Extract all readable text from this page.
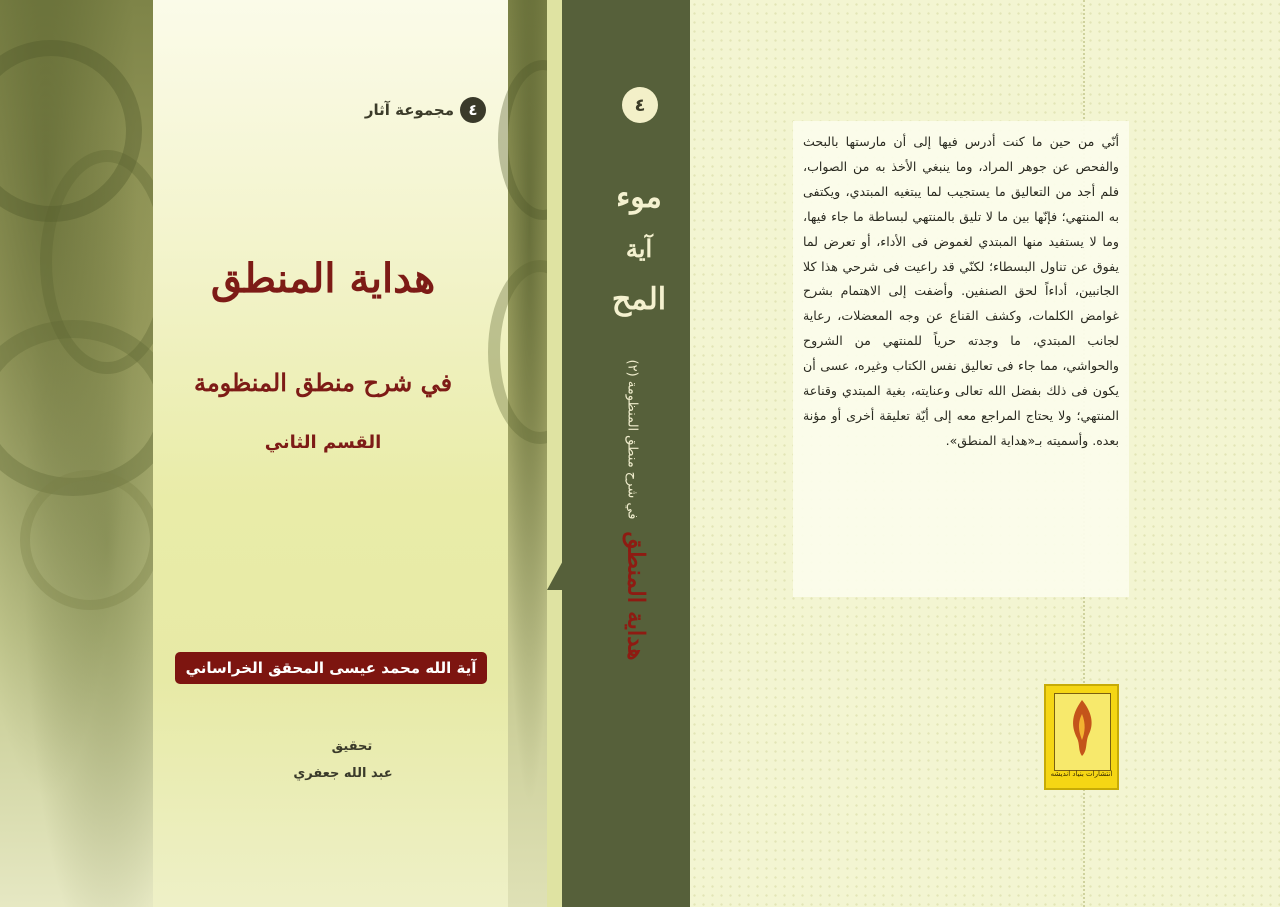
٤
مجموعة آثار
هداية المنطق
في شرح منطق المنظومة
القسم الثاني
آية الله محمد عيسى المحقق الخراساني
تحقيق
عبد الله جعفري
٤
موء
آية
المح
هداية المنطق
في شرح منطق المنظومة (٢)
أنّي من حين ما كنت أدرس فيها إلى أن مارستها بالبحث والفحص عن جوهر المراد، وما ينبغي الأخذ به من الصواب، فلم أجد من التعاليق ما يستجيب لما يبتغيه المبتدي، ويكتفى به المنتهي؛ فإنّها بين ما لا تليق بالمنتهي لبساطة ما جاء فيها، وما لا يستفيد منها المبتدي لغموض فى الأداء، أو تعرض لما يفوق عن تناول البسطاء؛ لكنّي قد راعيت فى شرحي هذا كلا الجانبين، أداءاً لحق الصنفين. وأضفت إلى الاهتمام بشرح غوامض الكلمات، وكشف القناع عن وجه المعضلات، رعاية لجانب المبتدي، ما وجدته حرياً للمنتهي من الشروح والحواشي، مما جاء فى تعاليق نفس الكتاب وغيره، عسى أن يكون فى ذلك بفضل الله تعالى وعنايته، بغية المبتدي وقناعة المنتهي؛ ولا يحتاج المراجع معه إلى أيّة تعليقة أخرى أو مؤنة بعده. وأسميته بـ«هداية المنطق».
انتشارات بنیاد اندیشه
